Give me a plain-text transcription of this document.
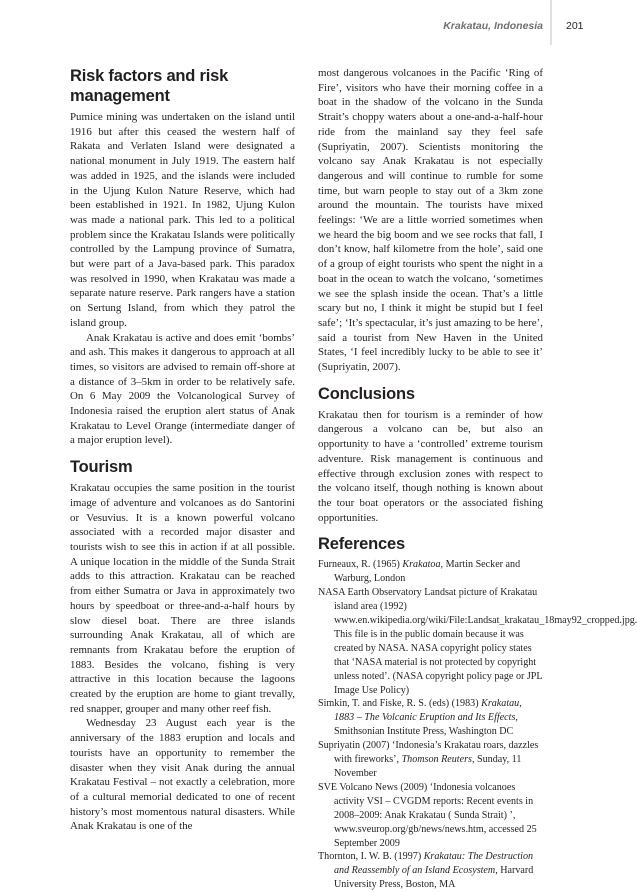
Krakatau, Indonesia 201
Risk factors and risk management

Pumice mining was undertaken on the island until 1916 but after this ceased the western half of Rakata and Verlaten Island were designated a national monument in July 1919. The eastern half was added in 1925, and the islands were included in the Ujung Kulon Nature Reserve, which had been established in 1921. In 1982, Ujung Kulon was made a national park. This led to a political problem since the Krakatau Islands were politically controlled by the Lampung province of Sumatra, but were part of a Java-based park. This paradox was resolved in 1990, when Krakatau was made a separate nature reserve. Park rangers have a station on Sertung Island, from which they patrol the island group.

Anak Krakatau is active and does emit ‘bombs’ and ash. This makes it dangerous to approach at all times, so visitors are advised to remain off-shore at a distance of 3–5km in order to be relatively safe. On 6 May 2009 the Volcanological Survey of Indonesia raised the eruption alert status of Anak Krakatau to Level Orange (intermediate danger of a major eruption level).

Tourism

Krakatau occupies the same position in the tourist image of adventure and volcanoes as do Santorini or Vesuvius. It is a known powerful volcano associated with a recorded major disaster and tourists wish to see this in action if at all possible. A unique location in the middle of the Sunda Strait adds to this attraction. Krakatau can be reached from either Sumatra or Java in approximately two hours by speedboat or three-and-a-half hours by slow diesel boat. There are three islands surrounding Anak Krakatau, all of which are remnants from Krakatau before the eruption of 1883. Besides the volcano, fishing is very attractive in this location because the lagoons created by the eruption are home to giant trevally, red snapper, grouper and many other reef fish.

Wednesday 23 August each year is the anniversary of the 1883 eruption and locals and tourists have an opportunity to remember the disaster when they visit Anak during the annual Krakatau Festival – not exactly a celebration, more of a cultural memorial dedicated to one of recent history’s most momentous natural disasters. While Anak Krakatau is one of the

most dangerous volcanoes in the Pacific ‘Ring of Fire’, visitors who have their morning coffee in a boat in the shadow of the volcano in the Sunda Strait’s choppy waters about a one-and-a-half-hour ride from the mainland say they feel safe (Supriyatin, 2007). Scientists monitoring the volcano say Anak Krakatau is not especially dangerous and will continue to rumble for some time, but warn people to stay out of a 3km zone around the mountain. The tourists have mixed feelings: ‘We are a little worried sometimes when we heard the big boom and we see rocks that fall, I don’t know, half kilometre from the hole’, said one of a group of eight tourists who spent the night in a boat in the ocean to watch the volcano, ‘sometimes we see the splash inside the ocean. That’s a little scary but no, I think it might be stupid but I feel safe’; ‘It’s spectacular, it’s just amazing to be here’, said a tourist from New Haven in the United States, ‘I feel incredibly lucky to be able to see it’ (Supriyatin, 2007).

Conclusions

Krakatau then for tourism is a reminder of how dangerous a volcano can be, but also an opportunity to have a ‘controlled’ extreme tourism adventure. Risk management is continuous and effective through exclusion zones with respect to the volcano itself, though nothing is known about the tour boat operators or the associated fishing opportunities.

References
Furneaux, R. (1965) Krakatoa, Martin Secker and Warburg, London
NASA Earth Observatory Landsat picture of Krakatau island area (1992) www.en.wikipedia.org/wiki/File:Landsat_krakatau_18may92_cropped.jpg. This file is in the public domain because it was created by NASA. NASA copyright policy states that ‘NASA material is not protected by copyright unless noted’. (NASA copyright policy page or JPL Image Use Policy)
Simkin, T. and Fiske, R. S. (eds) (1983) Krakatau, 1883 – The Volcanic Eruption and Its Effects, Smithsonian Institute Press, Washington DC
Supriyatin (2007) ‘Indonesia’s Krakatau roars, dazzles with fireworks’, Thomson Reuters, Sunday, 11 November
SVE Volcano News (2009) ‘Indonesia volcanoes activity VSI – CVGDM reports: Recent events in 2008–2009: Anak Krakatau ( Sunda Strait) ’, www.sveurop.org/gb/news/news.htm, accessed 25 September 2009
Thornton, I. W. B. (1997) Krakatau: The Destruction and Reassembly of an Island Ecosystem, Harvard University Press, Boston, MA
